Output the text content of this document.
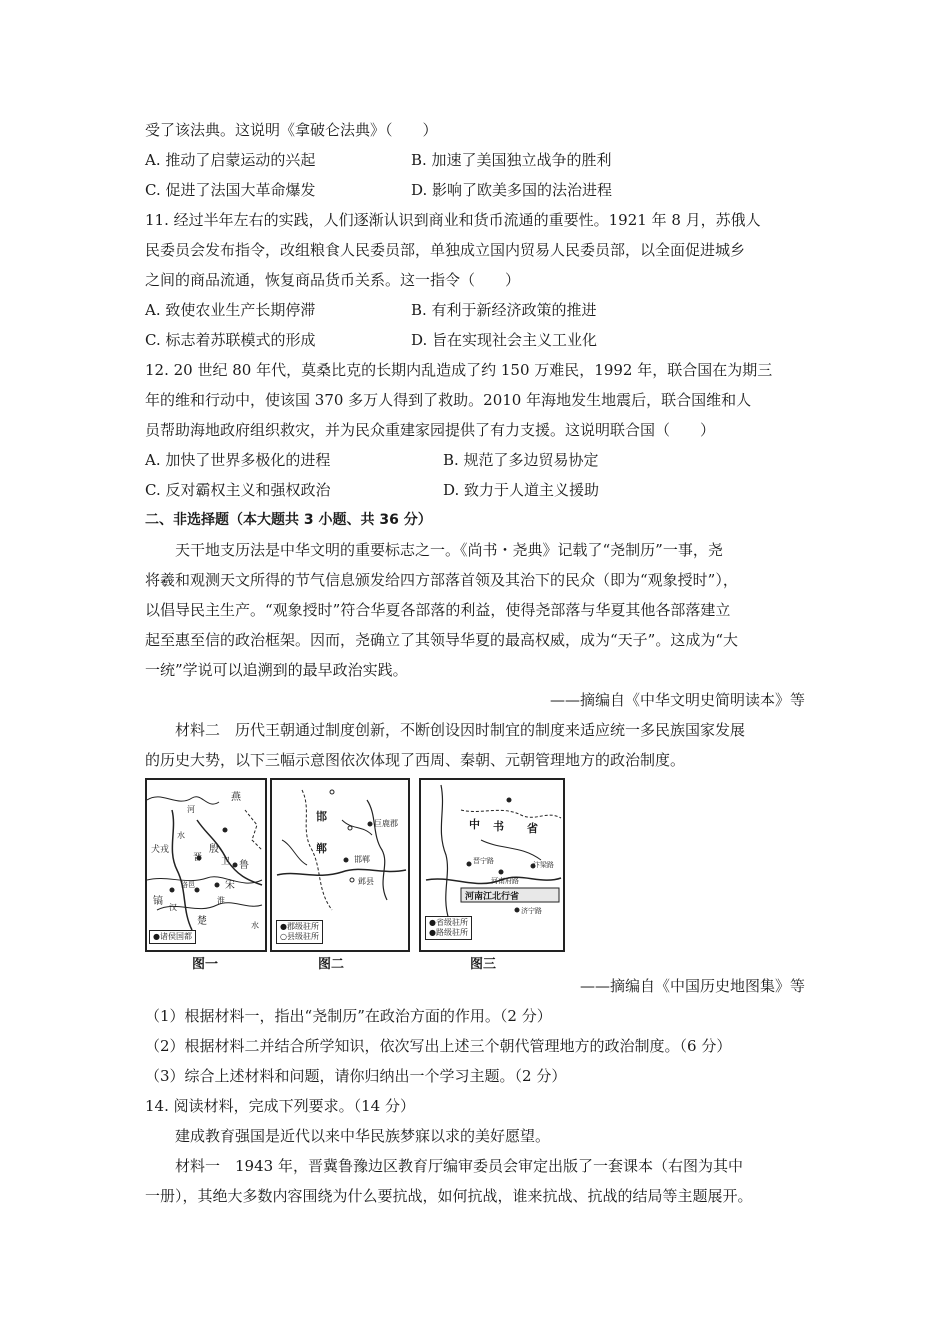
受了该法典。这说明《拿破仑法典》（　　）
A. 推动了启蒙运动的兴起	B. 加速了美国独立战争的胜利
C. 促进了法国大革命爆发	D. 影响了欧美多国的法治进程
11. 经过半年左右的实践，人们逐渐认识到商业和货币流通的重要性。1921 年 8 月，苏俄人
民委员会发布指令，改组粮食人民委员部，单独成立国内贸易人民委员部，以全面促进城乡
之间的商品流通，恢复商品货币关系。这一指令（　　）
A. 致使农业生产长期停滞	B. 有利于新经济政策的推进
C. 标志着苏联模式的形成	D. 旨在实现社会主义工业化
12. 20 世纪 80 年代，莫桑比克的长期内乱造成了约 150 万难民，1992 年，联合国在为期三
年的维和行动中，使该国 370 多万人得到了救助。2010 年海地发生地震后，联合国维和人
员帮助海地政府组织救灾，并为民众重建家园提供了有力支援。这说明联合国（　　）
A. 加快了世界多极化的进程	B. 规范了多边贸易协定
C. 反对霸权主义和强权政治	D. 致力于人道主义援助
二、非选择题（本大题共 3 小题、共 36 分）
天干地支历法是中华文明的重要标志之一。《尚书・尧典》记载了“尧制历”一事，尧
将羲和观测天文所得的节气信息颁发给四方部落首领及其治下的民众（即为“观象授时”），
以倡导民主生产。“观象授时”符合华夏各部落的利益，使得尧部落与华夏其他各部落建立
起至惠至信的政治框架。因而，尧确立了其领导华夏的最高权威，成为“天子”。这成为“大
一统”学说可以追溯到的最早政治实践。
——摘编自《中华文明史简明读本》等
材料二　历代王朝通过制度创新，不断创设因时制宜的制度来适应统一多民族国家发展
的历史大势，以下三幅示意图依次体现了西周、秦朝、元朝管理地方的政治制度。
燕
河
犬戎
水
殷
晋 卫 鲁
宋
镐
洛邑
淮
汉
楚	水
●诸侯国都
邯
郸
巨鹿郡
邯郸
邺县
●郡级驻所
○县级驻所
中 书 省
晋宁路
河南府路
汴梁路
河南江北行省
济宁路
●省级驻所
●路级驻所
图一	图二	图三
——摘编自《中国历史地图集》等
（1）根据材料一，指出“尧制历”在政治方面的作用。（2 分）
（2）根据材料二并结合所学知识，依次写出上述三个朝代管理地方的政治制度。（6 分）
（3）综合上述材料和问题，请你归纳出一个学习主题。（2 分）
14. 阅读材料，完成下列要求。（14 分）
建成教育强国是近代以来中华民族梦寐以求的美好愿望。
材料一　1943 年，晋冀鲁豫边区教育厅编审委员会审定出版了一套课本（右图为其中
一册），其绝大多数内容围绕为什么要抗战，如何抗战，谁来抗战、抗战的结局等主题展开。
